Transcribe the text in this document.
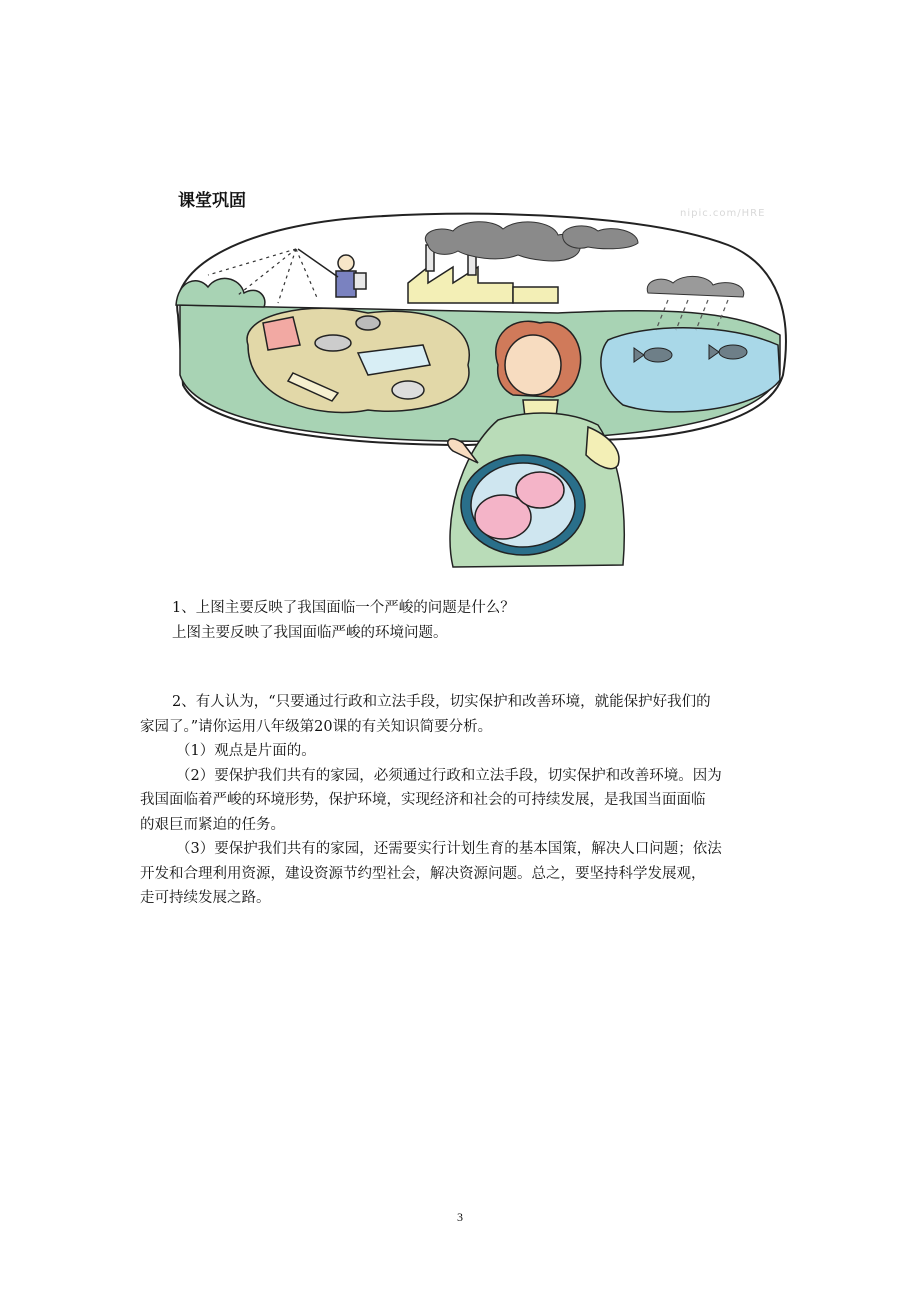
课堂巩固
nipic.com/HRE
1、上图主要反映了我国面临一个严峻的问题是什么？
上图主要反映了我国面临严峻的环境问题。
2、有人认为，“只要通过行政和立法手段，切实保护和改善环境，就能保护好我们的
家园了。”请你运用八年级第20课的有关知识简要分析。
（1）观点是片面的。
（2）要保护我们共有的家园，必须通过行政和立法手段，切实保护和改善环境。因为
我国面临着严峻的环境形势，保护环境，实现经济和社会的可持续发展，是我国当面面临
的艰巨而紧迫的任务。
（3）要保护我们共有的家园，还需要实行计划生育的基本国策，解决人口问题；依法
开发和合理利用资源，建设资源节约型社会，解决资源问题。总之，要坚持科学发展观，
走可持续发展之路。
3
